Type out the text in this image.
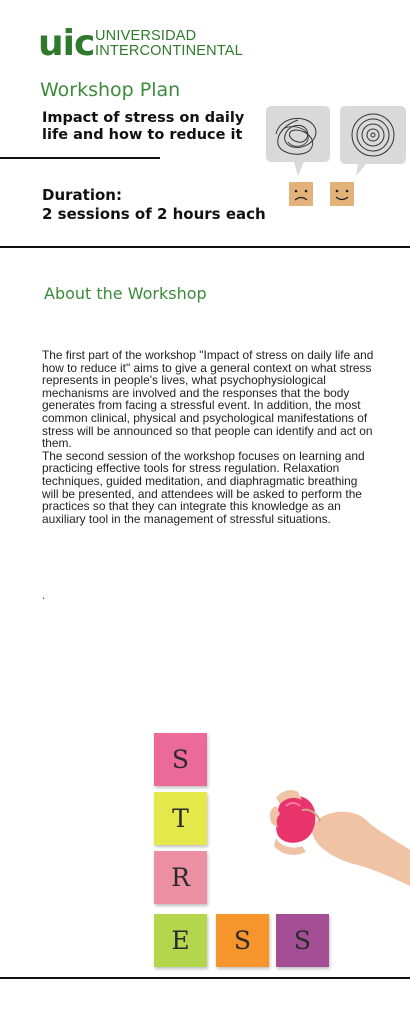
uic UNIVERSIDAD
INTERCONTINENTAL
Workshop Plan
Impact of stress on daily life and how to reduce it
Duration:
2 sessions of 2 hours each
About the Workshop

The first part of the workshop "Impact of stress on daily life and how to reduce it" aims to give a general context on what stress represents in people's lives, what psychophysiological mechanisms are involved and the responses that the body generates from facing a stressful event. In addition, the most common clinical, physical and psychological manifestations of stress will be announced so that people can identify and act on them.

The second session of the workshop focuses on learning and practicing effective tools for stress regulation. Relaxation techniques, guided meditation, and diaphragmatic breathing will be presented, and attendees will be asked to perform the practices so that they can integrate this knowledge as an auxiliary tool in the management of stressful situations.

.
S
T
R
E	S	S
